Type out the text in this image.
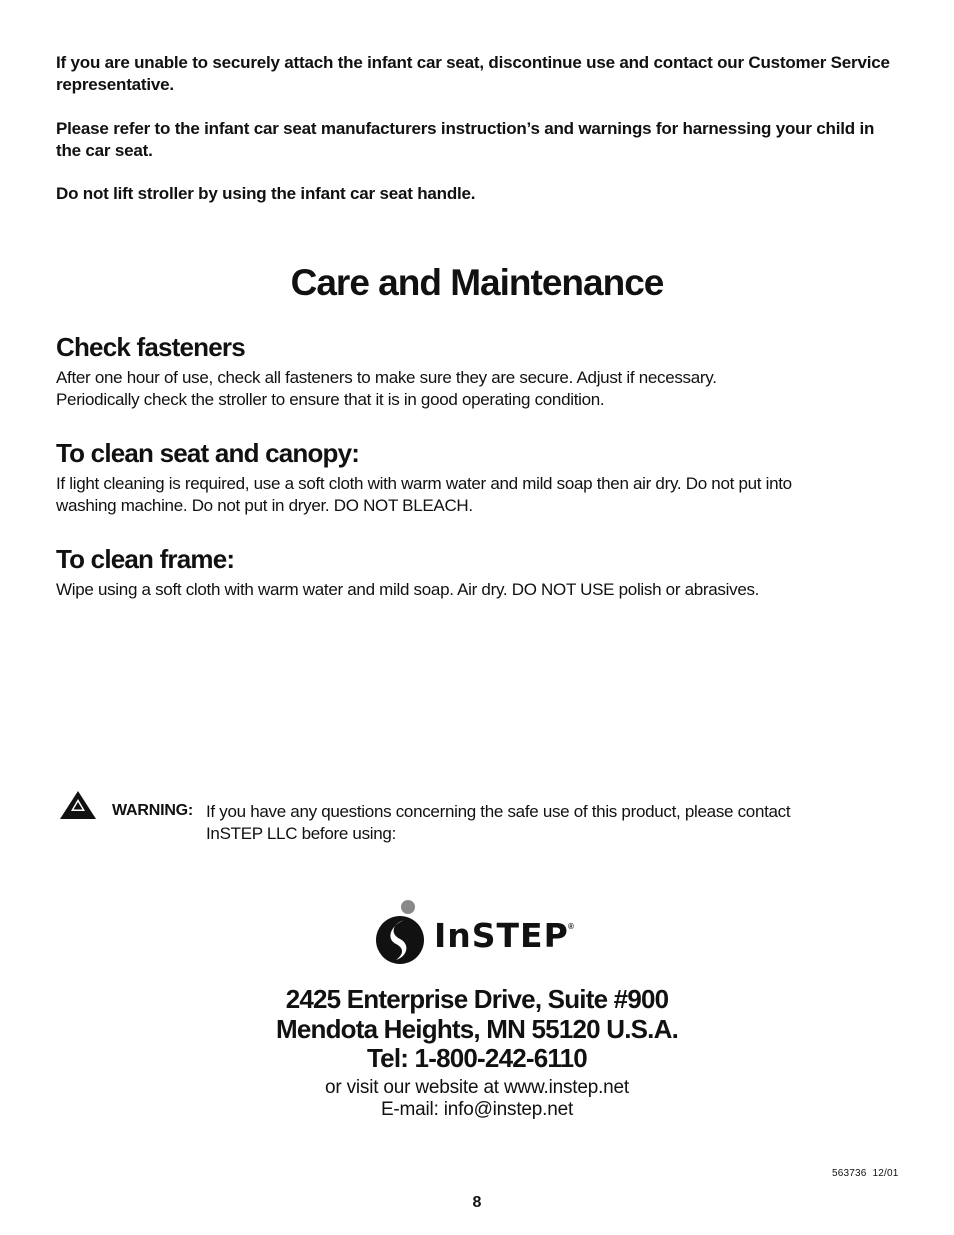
If you are unable to securely attach the infant car seat, discontinue use and contact our Customer Service representative.
Please refer to the infant car seat manufacturers instruction’s and warnings for harnessing your child in the car seat.
Do not lift stroller by using the infant car seat handle.
Care and Maintenance
Check fasteners
After one hour of use, check all fasteners to make sure they are secure. Adjust if necessary.
Periodically check the stroller to ensure that it is in good operating condition.
To clean seat and canopy:
If light cleaning is required, use a soft cloth with warm water and mild soap then air dry. Do not put into
washing machine. Do not put in dryer. DO NOT BLEACH.
To clean frame:
Wipe using a soft cloth with warm water and mild soap. Air dry. DO NOT USE polish or abrasives.
WARNING: If you have any questions concerning the safe use of this product, please contact
InSTEP LLC before using:
InSTEP ®
2425 Enterprise Drive, Suite #900
Mendota Heights, MN 55120 U.S.A.
Tel: 1-800-242-6110
or visit our website at www.instep.net
E-mail: info@instep.net
563736  12/01
8
